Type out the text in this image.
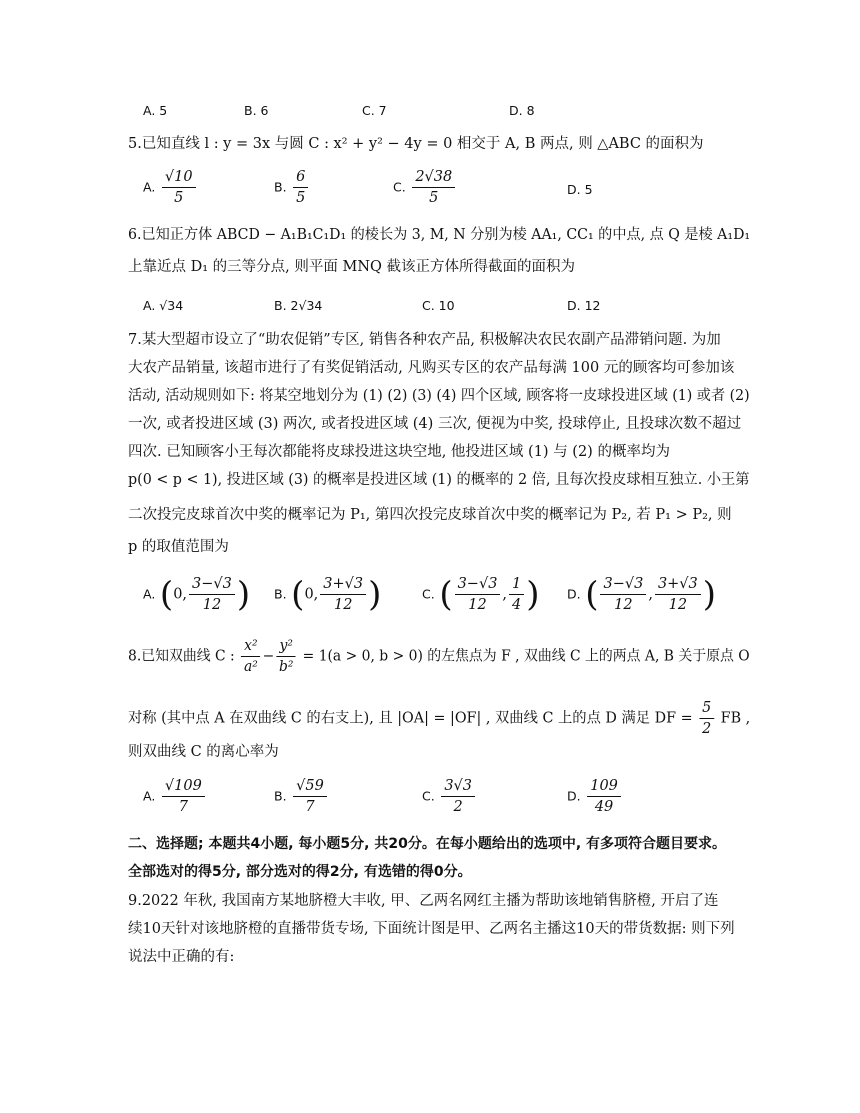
A. 5	B. 6	C. 7	D. 8
5.已知直线 l : y = 3x 与圆 C : x² + y² − 4y = 0 相交于 A, B 两点, 则 △ABC 的面积为
A. $\frac{√10}{5}$	B. $\frac{6}{5}$	C. $\frac{2√38}{5}$	D. 5
6.已知正方体 ABCD − A₁B₁C₁D₁ 的棱长为 3, M, N 分别为棱 AA₁, CC₁ 的中点, 点 Q 是棱 A₁D₁
上靠近点 D₁ 的三等分点, 则平面 MNQ 截该正方体所得截面的面积为
A. √34	B. 2√34	C. 10	D. 12
7.某大型超市设立了“助农促销”专区, 销售各种农产品, 积极解决农民农副产品滞销问题. 为加
大农产品销量, 该超市进行了有奖促销活动, 凡购买专区的农产品每满 100 元的顾客均可参加该
活动, 活动规则如下: 将某空地划分为 (1) (2) (3) (4) 四个区域, 顾客将一皮球投进区域 (1) 或者 (2)
一次, 或者投进区域 (3) 两次, 或者投进区域 (4) 三次, 便视为中奖, 投球停止, 且投球次数不超过
四次. 已知顾客小王每次都能将皮球投进这块空地, 他投进区域 (1) 与 (2) 的概率均为
p(0 < p < 1), 投进区域 (3) 的概率是投进区域 (1) 的概率的 2 倍, 且每次投皮球相互独立. 小王第
二次投完皮球首次中奖的概率记为 P₁, 第四次投完皮球首次中奖的概率记为 P₂, 若 P₁ > P₂, 则
p 的取值范围为
A. (0, $\frac{3-√3}{12}$ ) B. (0, $\frac{3+√3}{12}$ )	C. ( $\frac{3-√3}{12}$ , $\frac{1}{4}$ ) D. ( $\frac{3-√3}{12}$ , $\frac{3+√3}{12}$ )
8.已知双曲线 C : $\frac{\text{x²}}{\text{a²}} - \frac{\text{y²}}{\text{b²}} = 1(a > 0$, b > 0) 的左焦点为 F , 双曲线 C 上的两点 A, B 关于原点 O
对称 (其中点 A 在双曲线 C 的右支上), 且 |OA| = |OF| , 双曲线 C 上的点 D 满足 DF = $\frac{5}{2}$ FB ,
则双曲线 C 的离心率为
A. $\frac{√109}{7}$	B. $\frac{√59}{7}$	C. $\frac{3√3}{2}$	D. $\frac{109}{49}$
二、选择题; 本题共4小题, 每小题5分, 共20分。在每小题给出的选项中, 有多项符合题目要求。
全部选对的得5分, 部分选对的得2分, 有选错的得0分。
9.2022 年秋, 我国南方某地脐橙大丰收, 甲、乙两名网红主播为帮助该地销售脐橙, 开启了连
续10天针对该地脐橙的直播带货专场, 下面统计图是甲、乙两名主播这10天的带货数据: 则下列
说法中正确的有:
